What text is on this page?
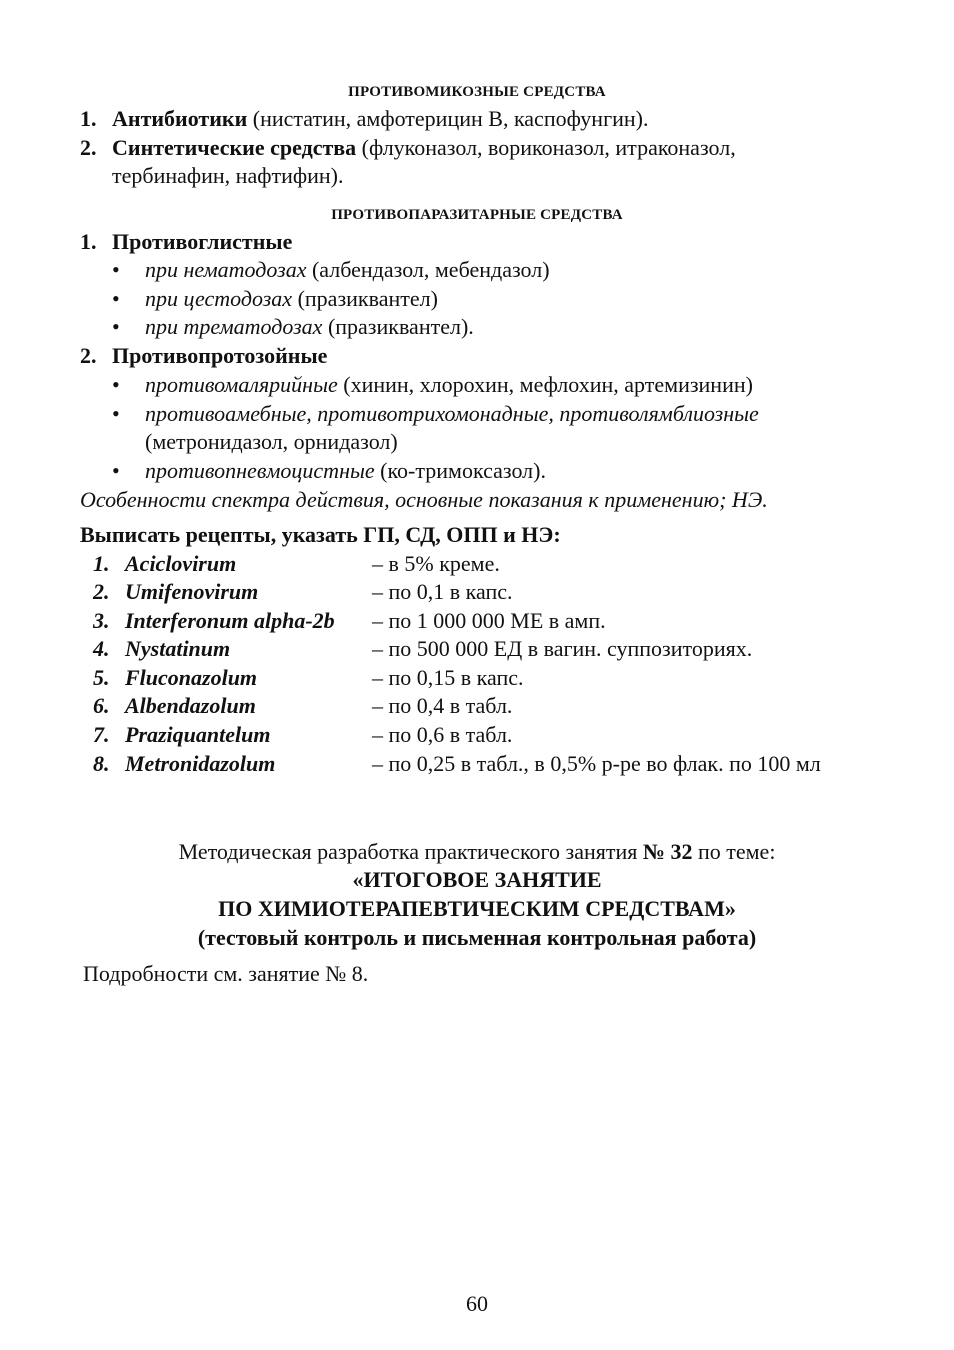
ПРОТИВОМИКОЗНЫЕ СРЕДСТВА
1. Антибиотики (нистатин, амфотерицин В, каспофунгин).
2. Синтетические средства (флуконазол, вориконазол, итраконазол,
тербинафин, нафтифин).
ПРОТИВОПАРАЗИТАРНЫЕ СРЕДСТВА
1. Противоглистные
• при нематодозах (албендазол, мебендазол)
• при цестодозах (празиквантел)
• при трематодозах (празиквантел).
2. Противопротозойные
• противомалярийные (хинин, хлорохин, мефлохин, артемизинин)
• противоамебные, противотрихомонадные, противолямблиозные
(метронидазол, орнидазол)
• противопневмоцистные (ко-тримоксазол).
Особенности спектра действия, основные показания к применению; НЭ.
Выписать рецепты, указать ГП, СД, ОПП и НЭ:
1. Aciclovirum	– в 5% креме.
2. Umifenovirum	– по 0,1 в капс.
3. Interferonum alpha-2b – по 1 000 000 МЕ в амп.
4. Nystatinum	– по 500 000 ЕД в вагин. суппозиториях.
5. Fluconazolum	– по 0,15 в капс.
6. Albendazolum	– по 0,4 в табл.
7. Praziquantelum	– по 0,6 в табл.
8. Metronidazolum	– по 0,25 в табл., в 0,5% р-ре во флак. по 100 мл
Методическая разработка практического занятия № 32 по теме:
«ИТОГОВОЕ ЗАНЯТИЕ
ПО ХИМИОТЕРАПЕВТИЧЕСКИМ СРЕДСТВАМ»
(тестовый контроль и письменная контрольная работа)
Подробности см. занятие № 8.
60
